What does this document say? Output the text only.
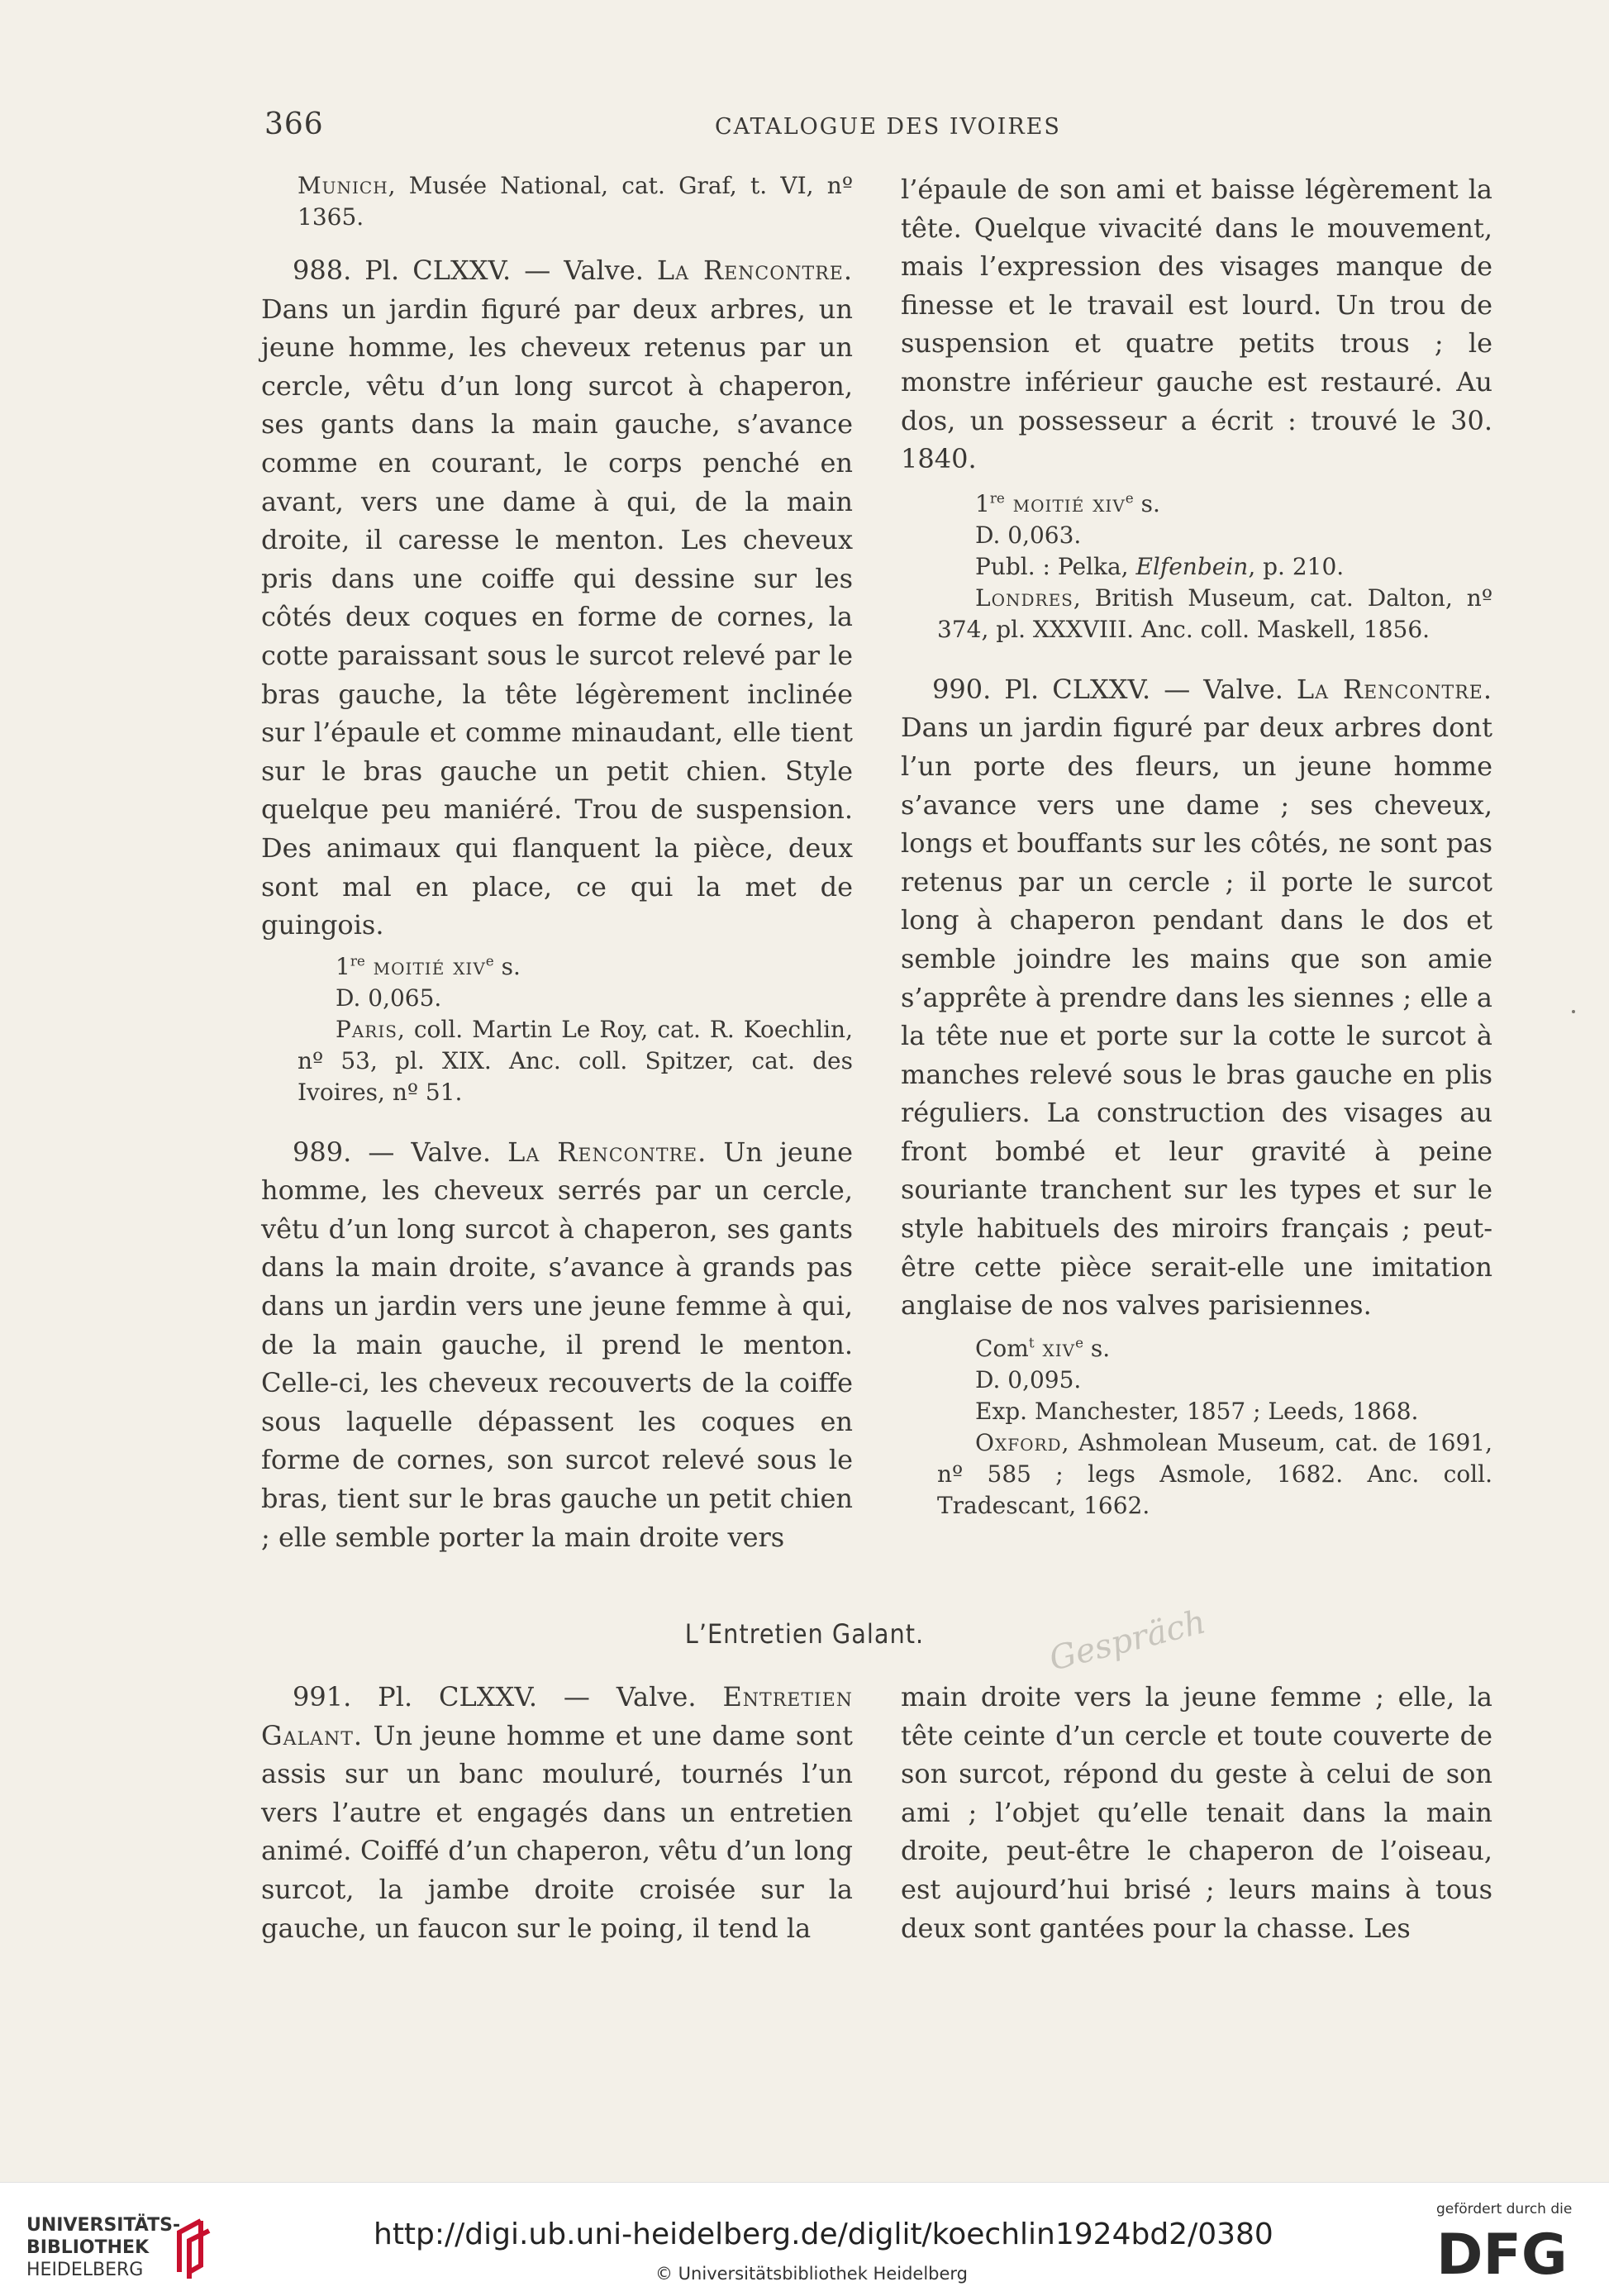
366	CATALOGUE DES IVOIRES

Munich, Musée National, cat. Graf, t. VI, nº 1365.

988. Pl. CLXXV. — Valve. La Rencontre. Dans un jardin figuré par deux arbres, un jeune homme, les cheveux retenus par un cercle, vêtu d’un long surcot à chaperon, ses gants dans la main gauche, s’avance comme en courant, le corps penché en avant, vers une dame à qui, de la main droite, il caresse le menton. Les cheveux pris dans une coiffe qui dessine sur les côtés deux coques en forme de cornes, la cotte paraissant sous le surcot relevé par le bras gauche, la tête légèrement inclinée sur l’épaule et comme minaudant, elle tient sur le bras gauche un petit chien. Style quelque peu maniéré. Trou de suspension. Des animaux qui flanquent la pièce, deux sont mal en place, ce qui la met de guingois.

1re moitié xiv$^e$ s.

D. 0,065.

Paris, coll. Martin Le Roy, cat. R. Koechlin, nº 53, pl. XIX. Anc. coll. Spitzer, cat. des Ivoires, nº 51.

989. — Valve. La Rencontre. Un jeune homme, les cheveux serrés par un cercle, vêtu d’un long surcot à chaperon, ses gants dans la main droite, s’avance à grands pas dans un jardin vers une jeune femme à qui, de la main gauche, il prend le menton. Celle-ci, les cheveux recouverts de la coiffe sous laquelle dépassent les coques en forme de cornes, son surcot relevé sous le bras, tient sur le bras gauche un petit chien ; elle semble porter la main droite vers

l’épaule de son ami et baisse légèrement la tête. Quelque vivacité dans le mouvement, mais l’expression des visages manque de finesse et le travail est lourd. Un trou de suspension et quatre petits trous ; le monstre inférieur gauche est restauré. Au dos, un possesseur a écrit : trouvé le 30. 1840.

1re moitié xiv$^e$ s.

D. 0,063.

Publ. : Pelka, Elfenbein, p. 210.

Londres, British Museum, cat. Dalton, nº 374, pl. XXXVIII. Anc. coll. Maskell, 1856.

990. Pl. CLXXV. — Valve. La Rencontre. Dans un jardin figuré par deux arbres dont l’un porte des fleurs, un jeune homme s’avance vers une dame ; ses cheveux, longs et bouffants sur les côtés, ne sont pas retenus par un cercle ; il porte le surcot long à chaperon pendant dans le dos et semble joindre les mains que son amie s’apprête à prendre dans les siennes ; elle a la tête nue et porte sur la cotte le surcot à manches relevé sous le bras gauche en plis réguliers. La construction des visages au front bombé et leur gravité à peine souriante tranchent sur les types et sur le style habituels des miroirs français ; peut-être cette pièce serait-elle une imitation anglaise de nos valves parisiennes.

Com$^t$ xiv$^e$ s.

D. 0,095.

Exp. Manchester, 1857 ; Leeds, 1868.

Oxford, Ashmolean Museum, cat. de 1691, nº 585 ; legs Asmole, 1682. Anc. coll. Tradescant, 1662.

L’Entretien Galant.	Gespräch

991. Pl. CLXXV. — Valve. Entretien Galant. Un jeune homme et une dame sont assis sur un banc mouluré, tournés l’un vers l’autre et engagés dans un entretien animé. Coiffé d’un chaperon, vêtu d’un long surcot, la jambe droite croisée sur la gauche, un faucon sur le poing, il tend la

main droite vers la jeune femme ; elle, la tête ceinte d’un cercle et toute couverte de son surcot, répond du geste à celui de son ami ; l’objet qu’elle tenait dans la main droite, peut-être le chaperon de l’oiseau, est aujourd’hui brisé ; leurs mains à tous deux sont gantées pour la chasse. Les

UNIVERSITÄTS-
BIBLIOTHEK
HEIDELBERG
http://digi.ub.uni-heidelberg.de/diglit/koechlin1924bd2/0380
© Universitätsbibliothek Heidelberg
gefördert durch die
DFG
